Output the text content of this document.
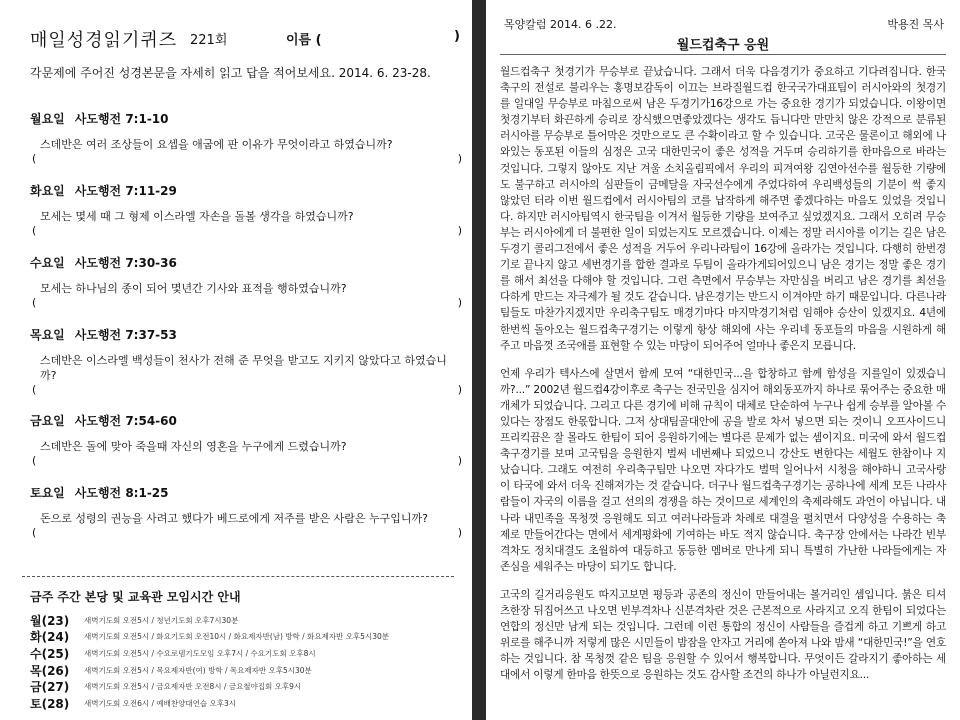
매일성경읽기퀴즈 221회	이름 (	)
각문제에 주어진 성경본문을 자세히 읽고 답을 적어보세요. 2014. 6. 23-28.
월요일 사도행전 7:1-10
스데반은 여러 조상들이 요셉을 애굽에 판 이유가 무엇이라고 하였습니까?
(	)
화요일 사도행전 7:11-29
모세는 몇세 때 그 형제 이스라엘 자손을 돌볼 생각을 하였습니까?
(	)
수요일 사도행전 7:30-36
모세는 하나님의 종이 되어 몇년간 기사와 표적을 행하였습니까?
(	)
목요일 사도행전 7:37-53
스데반은 이스라엘 백성들이 천사가 전해 준 무엇을 받고도 지키지 않았다고 하였습니까?
(	)
금요일 사도행전 7:54-60
스데반은 돌에 맞아 죽을때 자신의 영혼을 누구에게 드렸습니까?
(	)
토요일 사도행전 8:1-25
돈으로 성령의 권능을 사려고 했다가 베드로에게 저주를 받은 사람은 누구입니까?
(	)
금주 주간 본당 및 교육관 모임시간 안내
월(23)	새벽기도회 오전5시 / 청년기도회 오후7시30분
화(24)	새벽기도회 오전5시 / 화요기도회 오전10시 / 화요제자반(남) 방학 / 화요제자반 오후5시30분
수(25)	새벽기도회 오전5시 / 수요로뎀기도모임 오후7시 / 수요기도회 오후8시
목(26)	새벽기도회 오전5시 / 목요제자반(여) 방학 / 목요제자반 오후5시30분
금(27)	새벽기도회 오전5시 / 금요제자반 오전8시 / 금요철야집회 오후9시
토(28)	새벽기도회 오전6시 / 예배찬양대연습 오후3시
목양칼럼 2014. 6 .22.	박용진 목사
월드컵축구 응원

월드컵축구 첫경기가 무승부로 끝났습니다. 그래서 더욱 다음경기가 중요하고 기다려집니다. 한국축구의 전설로 불리우는 홍명보감독이 이끄는 브라질월드컵 한국국가대표팀이 러시아와의 첫경기를 일대일 무승부로 마침으로써 남은 두경기가16강으로 가는 중요한 경기가 되었습니다. 이왕이면 첫경기부터 화끈하게 승리로 장식했으면좋았겠다는 생각도 듭니다만 만만치 않은 강적으로 분류된 러시아를 무승부로 틀어막은 것만으로도 큰 수확이라고 할 수 있습니다. 고국은 물론이고 해외에 나와있는 동포된 이들의 심정은 고국 대한민국이 좋은 성적을 거두며 승리하기를 한마음으로 바라는 것입니다. 그렇지 않아도 지난 겨울 소치올림픽에서 우리의 피겨여왕 김연아선수를 월등한 기량에도 불구하고 러시아의 심판들이 금메달을 자국선수에게 주었다하여 우리백성들의 기분이 썩 좋지 않았던 터라 이번 월드컵에서 러시아팀의 코를 납작하게 해주면 좋겠다하는 마음도 있었을 것입니다. 하지만 러시아팀역시 한국팀을 이겨서 월등한 기량을 보여주고 싶었겠지요. 그래서 오히려 무승부는 러시아에게 더 불편한 일이 되었는지도 모르겠습니다. 이제는 정말 러시아를 이기는 길은 남은 두경기 콜리그전에서 좋은 성적을 거두어 우리나라팀이 16강에 올라가는 것입니다. 다행히 한번경기로 끝나지 않고 세번경기를 합한 결과로 두팀이 올라가게되어있으니 남은 경기는 정말 좋은 경기를 해서 최선을 다해야 할 것입니다. 그런 측면에서 무승부는 자만심을 버리고 남은 경기를 최선을 다하게 만드는 자극제가 될 것도 같습니다. 남은경기는 반드시 이겨야만 하기 때문입니다. 다른나라 팀들도 마찬가지겠지만 우리축구팀도 매경기마다 마지막경기처럼 임해야 승산이 있겠지요. 4년에 한번씩 돌아오는 월드컵축구경기는 이렇게 항상 해외에 사는 우리네 동포들의 마음을 시원하게 해주고 마음껏 조국애를 표현할 수 있는 마당이 되어주어 얼마나 좋은지 모릅니다.

언제 우리가 텍사스에 살면서 함께 모여 “대한민국...을 합창하고 함께 함성을 지를일이 있겠습니까?...” 2002년 월드컵4강이후로 축구는 전국민을 심지어 해외동포까지 하나로 묶어주는 중요한 매개체가 되었습니다. 그리고 다른 경기에 비해 규칙이 대체로 단순하여 누구나 쉽게 승부를 알아볼 수 있다는 장점도 한몫합니다. 그저 상대팀골대안에 공을 발로 차서 넣으면 되는 것이니 오프사이드니 프리킥끔은 잘 몰라도 한팀이 되어 응원하기에는 별다른 문제가 없는 셈이지요. 미국에 와서 월드컵 축구경기를 보며 고국팀을 응원한지 벌써 네번째나 되었으니 강산도 변한다는 세월도 한참이나 지났습니다. 그래도 여전히 우리축구팀만 나오면 자다가도 벌떡 일어나서 시청을 해야하니 고국사랑이 타국에 와서 더욱 진해져가는 것 같습니다. 더구나 월드컵축구경기는 공하나에 세계 모든 나라사람들이 자국의 이름을 걸고 선의의 경쟁을 하는 것이므로 세계인의 축제라해도 과언이 아닙니다. 내나라 내민족을 목청껏 응원해도 되고 여러나라들과 차례로 대결을 펼치면서 다양성을 수용하는 축제로 만들어간다는 면에서 세계평화에 기여하는 바도 적지 않습니다. 축구장 안에서는 나라간 빈부격차도 정치대결도 초월하여 대등하고 동등한 멤버로 만나게 되니 특별히 가난한 나라들에게는 자존심을 세워주는 마당이 되기도 합니다.

고국의 길거리응원도 따지고보면 평등과 공존의 정신이 만들어내는 볼거리인 셈입니다. 붉은 티셔츠한장 뒤집어쓰고 나오면 빈부격차나 신분격차란 것은 근본적으로 사라지고 오직 한팀이 되었다는 연합의 정신만 남게 되는 것입니다. 그런데 이런 통합의 정신이 사람들을 즐겁게 하고 기쁘게 하고 위로를 해주니까 저렇게 많은 시민들이 밤잠을 안자고 거리에 쏟아져 나와 밤새 “대한민국!”을 연호하는 것입니다. 참 목청껏 같은 팀을 응원할 수 있어서 행복합니다. 무엇이든 갈라지기 좋아하는 세대에서 이렇게 한마음 한뜻으로 응원하는 것도 감사할 조건의 하나가 아닐런지요...
